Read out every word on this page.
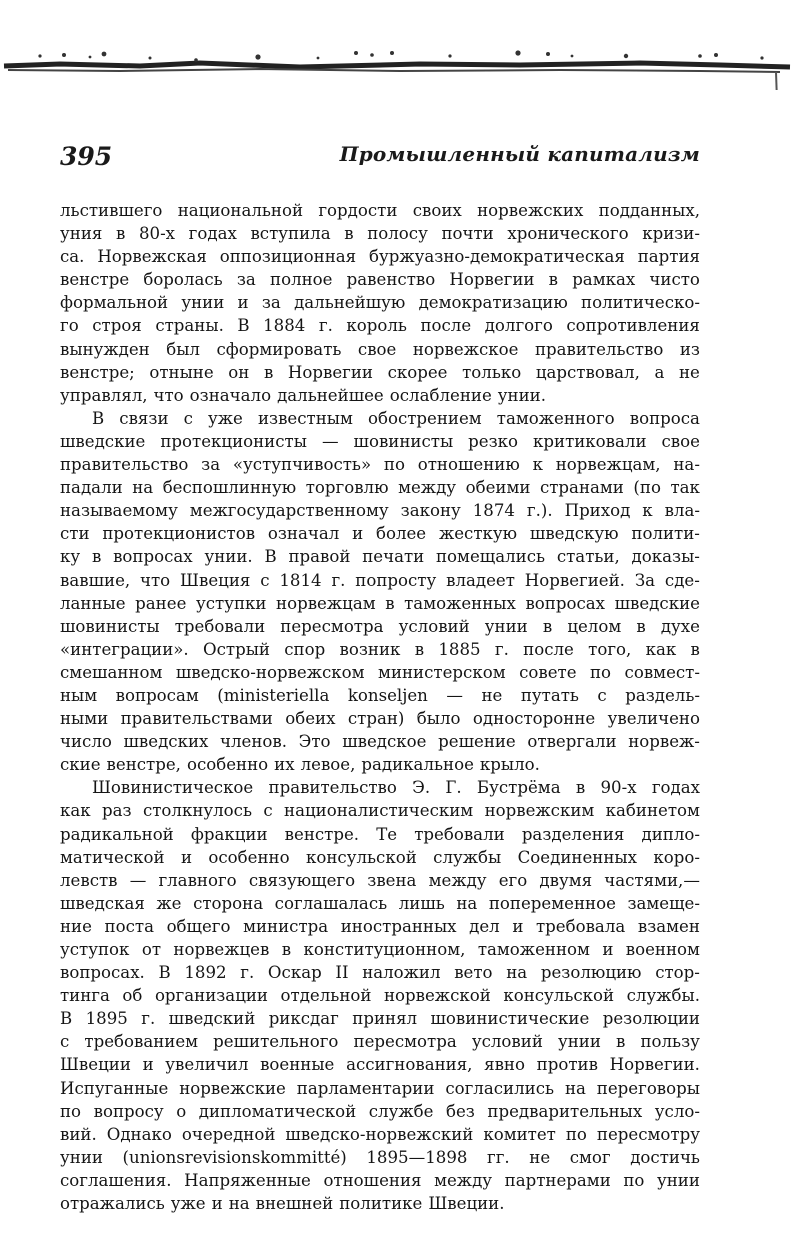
395	Промышленный капитализм
льстившего национальной гордости своих норвежских подданных,
уния в 80-х годах вступила в полосу почти хронического кризи-
са. Норвежская оппозиционная буржуазно-демократическая партия
венстре боролась за полное равенство Норвегии в рамках чисто
формальной унии и за дальнейшую демократизацию политическо-
го строя страны. В 1884 г. король после долгого сопротивления
вынужден был сформировать свое норвежское правительство из
венстре; отныне он в Норвегии скорее только царствовал, а не
управлял, что означало дальнейшее ослабление унии.
В связи с уже известным обострением таможенного вопроса
шведские протекционисты — шовинисты резко критиковали свое
правительство за «уступчивость» по отношению к норвежцам, на-
падали на беспошлинную торговлю между обеими странами (по так
называемому межгосударственному закону 1874 г.). Приход к вла-
сти протекционистов означал и более жесткую шведскую полити-
ку в вопросах унии. В правой печати помещались статьи, доказы-
вавшие, что Швеция с 1814 г. попросту владеет Норвегией. За сде-
ланные ранее уступки норвежцам в таможенных вопросах шведские
шовинисты требовали пересмотра условий унии в целом в духе
«интеграции». Острый спор возник в 1885 г. после того, как в
смешанном шведско-норвежском министерском совете по совмест-
ным вопросам (ministeriella konseljen — не путать с раздель-
ными правительствами обеих стран) было односторонне увеличено
число шведских членов. Это шведское решение отвергали норвеж-
ские венстре, особенно их левое, радикальное крыло.
Шовинистическое правительство Э. Г. Бустрёма в 90-х годах
как раз столкнулось с националистическим норвежским кабинетом
радикальной фракции венстре. Те требовали разделения дипло-
матической и особенно консульской службы Соединенных коро-
левств — главного связующего звена между его двумя частями,—
шведская же сторона соглашалась лишь на попеременное замеще-
ние поста общего министра иностранных дел и требовала взамен
уступок от норвежцев в конституционном, таможенном и военном
вопросах. В 1892 г. Оскар II наложил вето на резолюцию стор-
тинга об организации отдельной норвежской консульской службы.
В 1895 г. шведский риксдаг принял шовинистические резолюции
с требованием решительного пересмотра условий унии в пользу
Швеции и увеличил военные ассигнования, явно против Норвегии.
Испуганные норвежские парламентарии согласились на переговоры
по вопросу о дипломатической службе без предварительных усло-
вий. Однако очередной шведско-норвежский комитет по пересмотру
унии (unionsrevisionskommitté) 1895—1898 гг. не смог достичь
соглашения. Напряженные отношения между партнерами по унии
отражались уже и на внешней политике Швеции.
